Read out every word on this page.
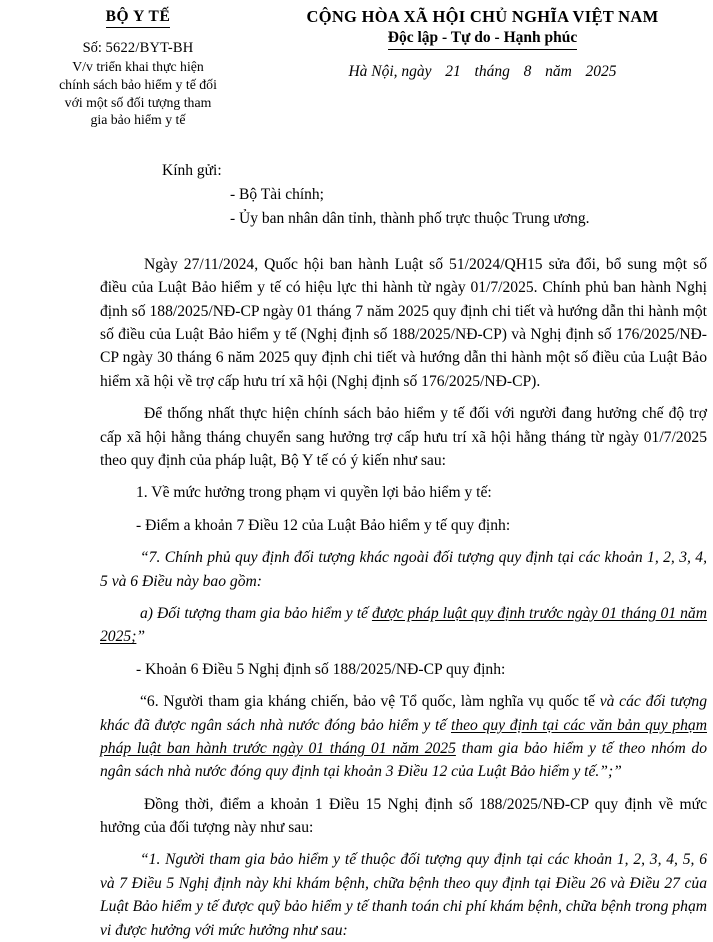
BỘ Y TẾ
Số: 5622/BYT-BH
V/v triển khai thực hiện
chính sách bảo hiểm y tế đối
với một số đối tượng tham
gia bảo hiểm y tế
CỘNG HÒA XÃ HỘI CHỦ NGHĨA VIỆT NAM
Độc lập - Tự do - Hạnh phúc
Hà Nội, ngày 21 tháng 8 năm 2025
Kính gửi:
- Bộ Tài chính;
- Ủy ban nhân dân tỉnh, thành phố trực thuộc Trung ương.

Ngày 27/11/2024, Quốc hội ban hành Luật số 51/2024/QH15 sửa đổi, bổ sung một số điều của Luật Bảo hiểm y tế có hiệu lực thi hành từ ngày 01/7/2025. Chính phủ ban hành Nghị định số 188/2025/NĐ-CP ngày 01 tháng 7 năm 2025 quy định chi tiết và hướng dẫn thi hành một số điều của Luật Bảo hiểm y tế (Nghị định số 188/2025/NĐ-CP) và Nghị định số 176/2025/NĐ-CP ngày 30 tháng 6 năm 2025 quy định chi tiết và hướng dẫn thi hành một số điều của Luật Bảo hiểm xã hội về trợ cấp hưu trí xã hội (Nghị định số 176/2025/NĐ-CP).

Để thống nhất thực hiện chính sách bảo hiểm y tế đối với người đang hưởng chế độ trợ cấp xã hội hằng tháng chuyển sang hưởng trợ cấp hưu trí xã hội hằng tháng từ ngày 01/7/2025 theo quy định của pháp luật, Bộ Y tế có ý kiến như sau:

1. Về mức hưởng trong phạm vi quyền lợi bảo hiểm y tế:

- Điểm a khoản 7 Điều 12 của Luật Bảo hiểm y tế quy định:

“7. Chính phủ quy định đối tượng khác ngoài đối tượng quy định tại các khoản 1, 2, 3, 4, 5 và 6 Điều này bao gồm:

a) Đối tượng tham gia bảo hiểm y tế được pháp luật quy định trước ngày 01 tháng 01 năm 2025;”

- Khoản 6 Điều 5 Nghị định số 188/2025/NĐ-CP quy định:

“6. Người tham gia kháng chiến, bảo vệ Tổ quốc, làm nghĩa vụ quốc tế và các đối tượng khác đã được ngân sách nhà nước đóng bảo hiểm y tế theo quy định tại các văn bản quy phạm pháp luật ban hành trước ngày 01 tháng 01 năm 2025 tham gia bảo hiểm y tế theo nhóm do ngân sách nhà nước đóng quy định tại khoản 3 Điều 12 của Luật Bảo hiểm y tế.”;”

Đồng thời, điểm a khoản 1 Điều 15 Nghị định số 188/2025/NĐ-CP quy định về mức hưởng của đối tượng này như sau:

“1. Người tham gia bảo hiểm y tế thuộc đối tượng quy định tại các khoản 1, 2, 3, 4, 5, 6 và 7 Điều 5 Nghị định này khi khám bệnh, chữa bệnh theo quy định tại Điều 26 và Điều 27 của Luật Bảo hiểm y tế được quỹ bảo hiểm y tế thanh toán chi phí khám bệnh, chữa bệnh trong phạm vi được hưởng với mức hưởng như sau:
